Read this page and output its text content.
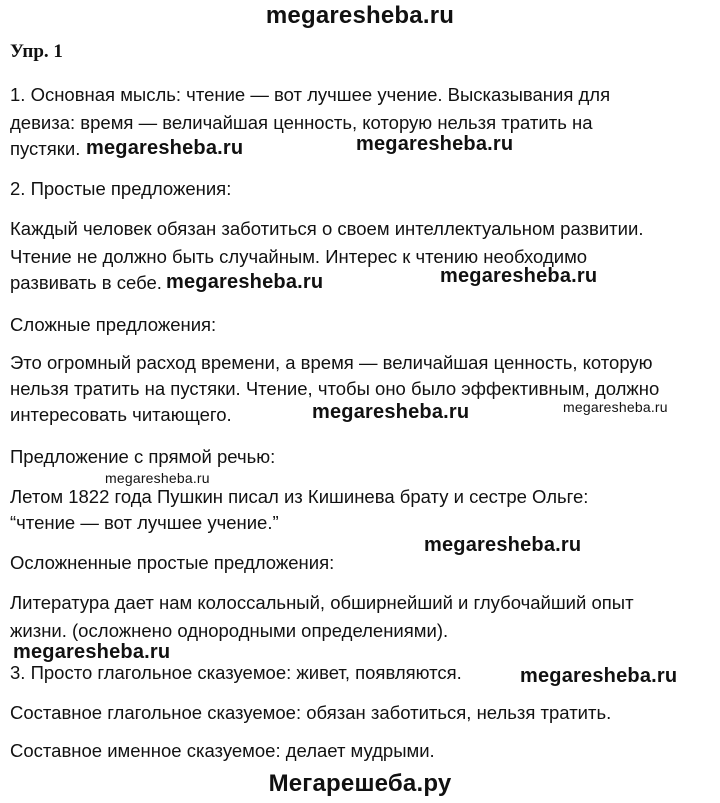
megaresheba.ru
Упр. 1
1. Основная мысль: чтение — вот лучшее учение. Высказывания для
девиза: время — величайшая ценность, которую нельзя тратить на
пустяки. megaresheba.ru	megaresheba.ru
2. Простые предложения:
Каждый человек обязан заботиться о своем интеллектуальном развитии.
Чтение не должно быть случайным. Интерес к чтению необходимо
развивать в себе. megaresheba.ru	megaresheba.ru
Сложные предложения:
Это огромный расход времени, а время — величайшая ценность, которую
нельзя тратить на пустяки. Чтение, чтобы оно было эффективным, должно
интересовать читающего.	megaresheba.ru	megaresheba.ru
Предложение с прямой речью:
megaresheba.ru
Летом 1822 года Пушкин писал из Кишинева брату и сестре Ольге:
“чтение — вот лучшее учение.”
megaresheba.ru
Осложненные простые предложения:
Литература дает нам колоссальный, обширнейший и глубочайший опыт
жизни. (осложнено однородными определениями).
megaresheba.ru
3. Просто глагольное сказуемое: живет, появляются.	megaresheba.ru
Составное глагольное сказуемое: обязан заботиться, нельзя тратить.
Составное именное сказуемое: делает мудрыми.
Мегарешеба.ру
